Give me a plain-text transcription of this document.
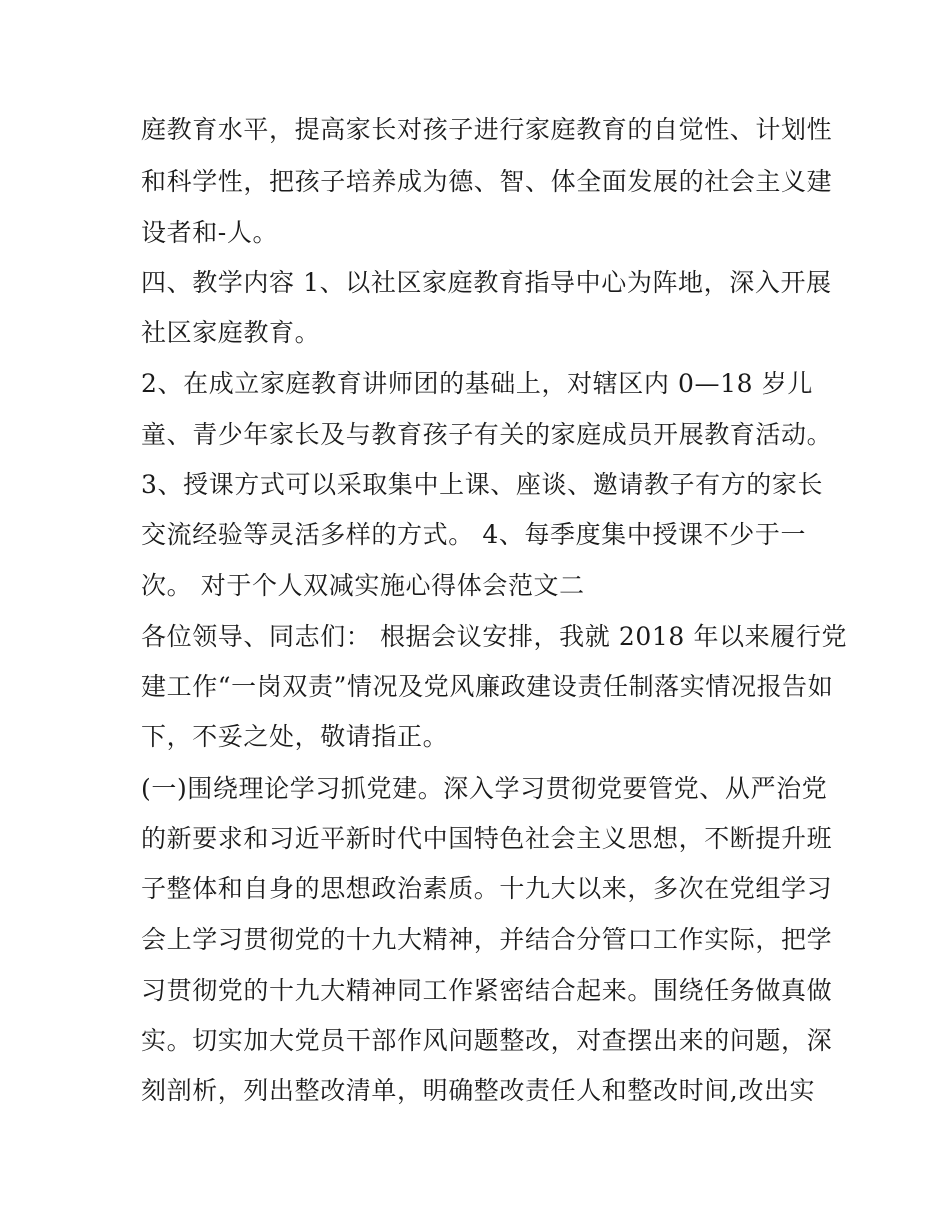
庭教育水平，提高家长对孩子进行家庭教育的自觉性、计划性
和科学性，把孩子培养成为德、智、体全面发展的社会主义建
设者和-人。
四、教学内容 1、以社区家庭教育指导中心为阵地，深入开展
社区家庭教育。
2、在成立家庭教育讲师团的基础上，对辖区内 0—18 岁儿
童、青少年家长及与教育孩子有关的家庭成员开展教育活动。
3、授课方式可以采取集中上课、座谈、邀请教子有方的家长
交流经验等灵活多样的方式。 4、每季度集中授课不少于一
次。 对于个人双减实施心得体会范文二
各位领导、同志们： 根据会议安排，我就 2018 年以来履行党
建工作“一岗双责”情况及党风廉政建设责任制落实情况报告如
下，不妥之处，敬请指正。
(一)围绕理论学习抓党建。深入学习贯彻党要管党、从严治党
的新要求和习近平新时代中国特色社会主义思想，不断提升班
子整体和自身的思想政治素质。十九大以来，多次在党组学习
会上学习贯彻党的十九大精神，并结合分管口工作实际，把学
习贯彻党的十九大精神同工作紧密结合起来。围绕任务做真做
实。切实加大党员干部作风问题整改，对查摆出来的问题，深
刻剖析，列出整改清单，明确整改责任人和整改时间,改出实
